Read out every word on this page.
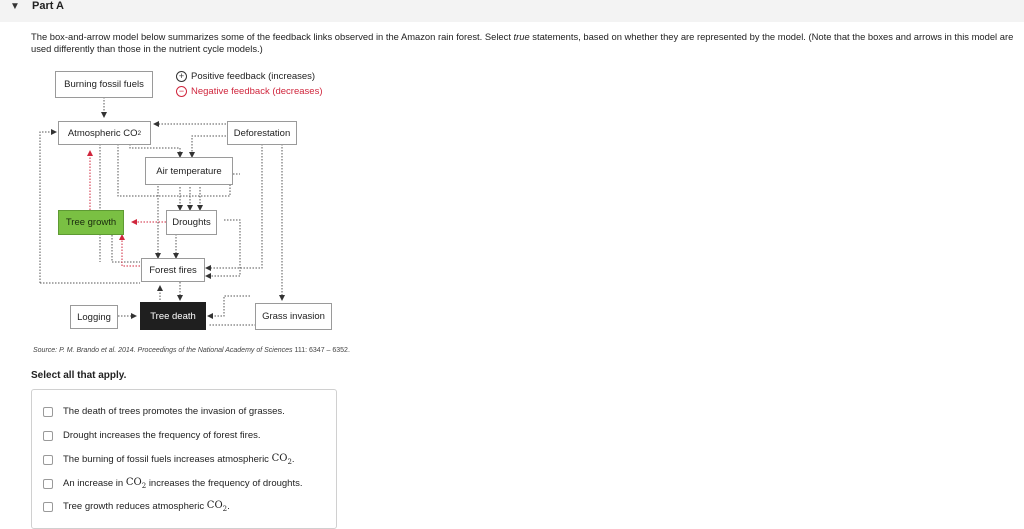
▼ Part A
The box-and-arrow model below summarizes some of the feedback links observed in the Amazon rain forest. Select true statements, based on whether they are represented by the model. (Note that the boxes and arrows in this model are used differently than those in the nutrient cycle models.)
Burning fossil fuels
Atmospheric CO 2	Deforestation
Air temperature
Tree growth	Droughts
Forest fires
Logging	Tree death	Grass invasion
+ Positive feedback (increases)
− Negative feedback (decreases)
Source: P. M. Brando et al. 2014. Proceedings of the National Academy of Sciences 111: 6347 – 6352.
Select all that apply.
The death of trees promotes the invasion of grasses.
Drought increases the frequency of forest fires.
The burning of fossil fuels increases atmospheric
$CO_2$ .
An increase in
$CO_2$
increases the frequency of droughts.
Tree growth reduces atmospheric
$CO_2$ .
